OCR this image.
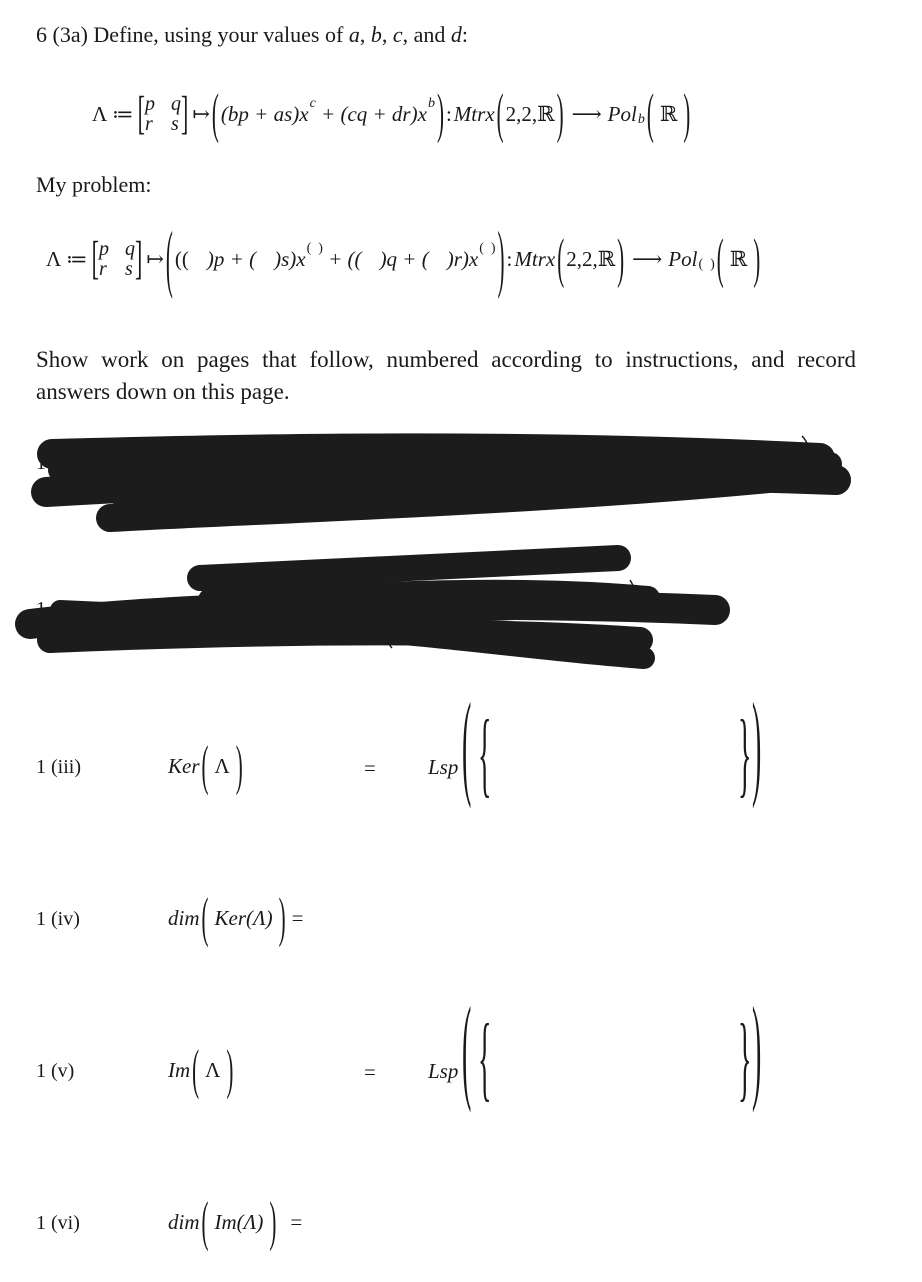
6 (3a) Define, using your values of a, b, c, and d:
Λ ≔ [ p q
r s ] ↦ ( (bp + as)x c + (cq + dr)x b ) : Mtrx ( 2,2,ℝ ) ⟶ Pol b ( ℝ )
My problem:
Λ ≔ [ p q
r s ] ↦ ( (( )p + ( )s)x (  ) + (( )q + ( )r)x (  ) ) : Mtrx ( 2,2,ℝ ) ⟶ Pol (  ) ( ℝ )
Show work on pages that follow, numbered according to instructions, and record answers down on this page.
1
1
1 (iii)	Ker ( Λ )	= Lsp ( {	} )
1 (iv)	dim ( Ker(Λ) ) =
1 (v)	Im ( Λ )	= Lsp ( {	} )
1 (vi)	dim ( Im(Λ) ) =
